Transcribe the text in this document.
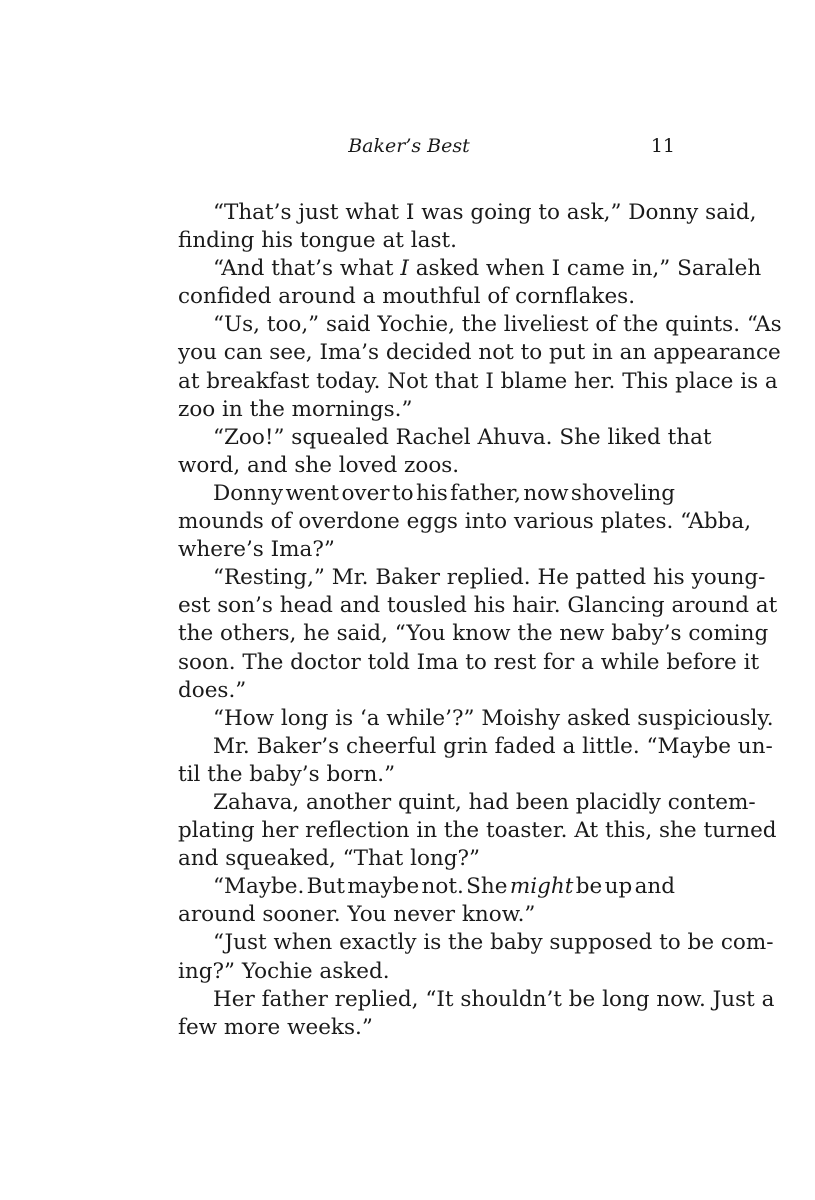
Baker’s Best	11
“That’s just what I was going to ask,” Donny said,
finding his tongue at last.
“And that’s what I asked when I came in,” Saraleh
confided around a mouthful of cornflakes.
“Us, too,” said Yochie, the liveliest of the quints. “As
you can see, Ima’s decided not to put in an appearance
at breakfast today. Not that I blame her. This place is a
zoo in the mornings.”
“Zoo!” squealed Rachel Ahuva. She liked that
word, and she loved zoos.
Donny went over to his father, now shoveling
mounds of overdone eggs into various plates. “Abba,
where’s Ima?”
“Resting,” Mr. Baker replied. He patted his young-
est son’s head and tousled his hair. Glancing around at
the others, he said, “You know the new baby’s coming
soon. The doctor told Ima to rest for a while before it
does.”
“How long is ‘a while’?” Moishy asked suspiciously.
Mr. Baker’s cheerful grin faded a little. “Maybe un-
til the baby’s born.”
Zahava, another quint, had been placidly contem-
plating her reflection in the toaster. At this, she turned
and squeaked, “That long?”
“Maybe. But maybe not. She might be up and
around sooner. You never know.”
“Just when exactly is the baby supposed to be com-
ing?” Yochie asked.
Her father replied, “It shouldn’t be long now. Just a
few more weeks.”
